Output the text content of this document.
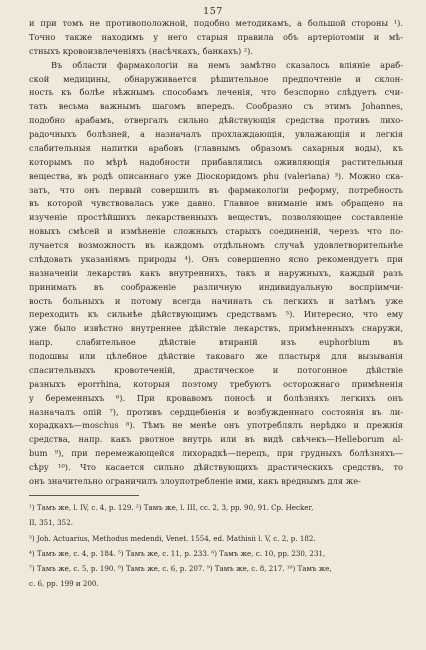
157
и при томъ не противоположной, подобно методикамъ, а большой стороны ¹).
Точно также находимъ у него старыя правила объ артеріотоміи и мѣ-
стныхъ кровоизвлеченіяхъ (насѣчкахъ, банкахъ) ²).
Въ области фармакологіи на немъ замѣтно сказалось вліяніе араб-
ской медицины, обнаруживается рѣшительное предпочтеніе и склон-
ность къ болѣе нѣжнымъ способамъ леченія, что безспорно слѣдуетъ счи-
тать весьма важнымъ шагомъ впередъ. Сообразно съ этимъ Johannes,
подобно арабамъ, отвергалъ сильно дѣйствующія средства противъ лихо-
радочныхъ болѣзней, а назначалъ прохлаждающія, увлажающія и легкія
слабительныя напитки арабовъ (главнымъ образомъ сахарныя воды), къ
которымъ по мѣрѣ надобности прибавлялись оживляющія растительныя
вещества, въ родѣ описаннаго уже Діоскоридомъ phu (valeriana) ³). Можно ска-
зать, что онъ первый совершилъ въ фармакологіи реформу, потребность
въ которой чувствовалась уже давно. Главное вниманіе имъ обращено на
изученіе простѣйшихъ лекарственныхъ веществъ, позволяющее составленіе
новыхъ смѣсей и измѣненіе сложныхъ старыхъ соединеній, черезъ что по-
лучается возможность въ каждомъ отдѣльномъ случаѣ удовлетворительнѣе
слѣдовать указаніямъ природы ⁴). Онъ совершенно ясно рекомендуетъ при
назначеніи лекарствъ какъ внутреннихъ, такъ и наружныхъ, каждый разъ
принимать въ соображеніе различную индивидуальную воспріимчи-
вость больныхъ и потому всегда начинать съ легкихъ и затѣмъ уже
переходить къ сильнѣе дѣйствующимъ средствамъ ⁵). Интересно, что ему
уже было извѣстно внутреннее дѣйствіе лекарствъ, примѣненныхъ снаружи,
напр. слабительное дѣйствіе втираній изъ euphorbium въ
подошвы или цѣлебное дѣйствіе таковаго же пластыря для вызыванія
спасительныхъ кровотеченій, драстическое и потогонное дѣйствіе
разныхъ ероrrhinа, которыя поэтому требуютъ осторожнаго примѣненія
у беременныхъ ⁶). При кровавомъ поносѣ и болѣзняхъ легкихъ онъ
назначалъ опій ⁷), противъ сердцебіенія и возбужденнаго состоянія въ ли-
хорадкахъ—moschus ⁸). Тѣмъ не менѣе онъ употреблялъ нерѣдко и прежнія
средства, напр. какъ рвотное внутрь или въ видѣ свѣчекъ—Helleborum al-
bum ⁹), при перемежающейся лихорадкѣ—перецъ, при грудныхъ болѣзняхъ—
сѣру ¹⁰). Что касается сильно дѣйствующихъ драстическихъ средствъ, то
онъ значительно ограничилъ злоупотребленіе ими, какъ вреднымъ для же-
¹) Тамъ же, l. IV, c. 4, p. 129. ²) Тамъ же, l. III, cc. 2, 3, pp. 90, 91. Ср. Hecker,
II, 351, 352.
³) Joh. Actuarius, Methodus medendi, Venet. 1554, ed. Mathisii l. V, c. 2, p. 182.
⁴) Тамъ же, c. 4, p. 184. ⁵) Тамъ же, c. 11, p. 233. ⁶) Тамъ же, c. 10, pp. 230, 231,
⁷) Тамъ же, c. 5, p. 190. ⁸) Тамъ же, c. 6, p. 207. ⁹) Тамъ же, c. 8, 217. ¹⁰) Тамъ же,
c. 6, pp. 199 и 200.
